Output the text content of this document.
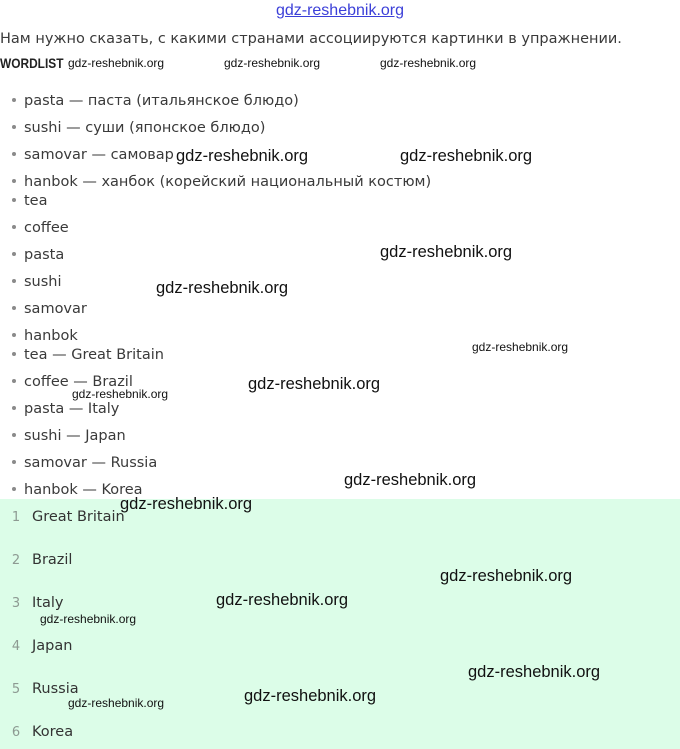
gdz-reshebnik.org
Нам нужно сказать, с какими странами ассоциируются картинки в упражнении.
WORDLIST
pasta — паста (итальянское блюдо)
sushi — суши (японское блюдо)
samovar — самовар
hanbok — ханбок (корейский национальный костюм)
tea
coffee
pasta
sushi
samovar
hanbok
tea — Great Britain
coffee — Brazil
pasta — Italy
sushi — Japan
samovar — Russia
hanbok — Korea
1 Great Britain
2 Brazil
3 Italy
4 Japan
5 Russia
6 Korea
gdz-reshebnik.org	gdz-reshebnik.org	gdz-reshebnik.org
gdz-reshebnik.org	gdz-reshebnik.org
gdz-reshebnik.org
gdz-reshebnik.org
gdz-reshebnik.org
gdz-reshebnik.org
gdz-reshebnik.org
gdz-reshebnik.org
gdz-reshebnik.org
gdz-reshebnik.org
gdz-reshebnik.org
gdz-reshebnik.org
gdz-reshebnik.org
gdz-reshebnik.org
gdz-reshebnik.org
